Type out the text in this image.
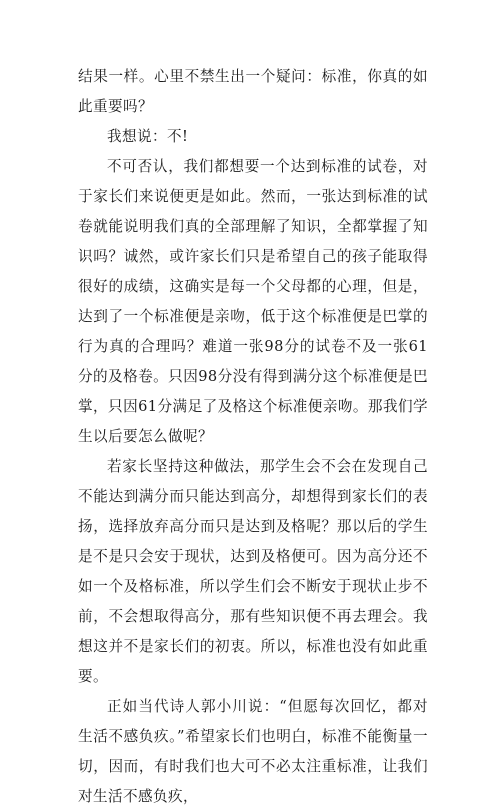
结果一样。心里不禁生出一个疑问：标准，你真的如此重要吗？

我想说：不!

不可否认，我们都想要一个达到标准的试卷，对于家长们来说便更是如此。然而，一张达到标准的试卷就能说明我们真的全部理解了知识，全都掌握了知识吗？诚然，或许家长们只是希望自己的孩子能取得很好的成绩，这确实是每一个父母都的心理，但是，达到了一个标准便是亲吻，低于这个标准便是巴掌的行为真的合理吗？难道一张98分的试卷不及一张61分的及格卷。只因98分没有得到满分这个标准便是巴掌，只因61分满足了及格这个标准便亲吻。那我们学生以后要怎么做呢？

若家长坚持这种做法，那学生会不会在发现自己不能达到满分而只能达到高分，却想得到家长们的表扬，选择放弃高分而只是达到及格呢？那以后的学生是不是只会安于现状，达到及格便可。因为高分还不如一个及格标准，所以学生们会不断安于现状止步不前，不会想取得高分，那有些知识便不再去理会。我想这并不是家长们的初衷。所以，标准也没有如此重要。

正如当代诗人郭小川说：“但愿每次回忆，都对生活不感负疚。”希望家长们也明白，标准不能衡量一切，因而，有时我们也大可不必太注重标准，让我们对生活不感负疚，
